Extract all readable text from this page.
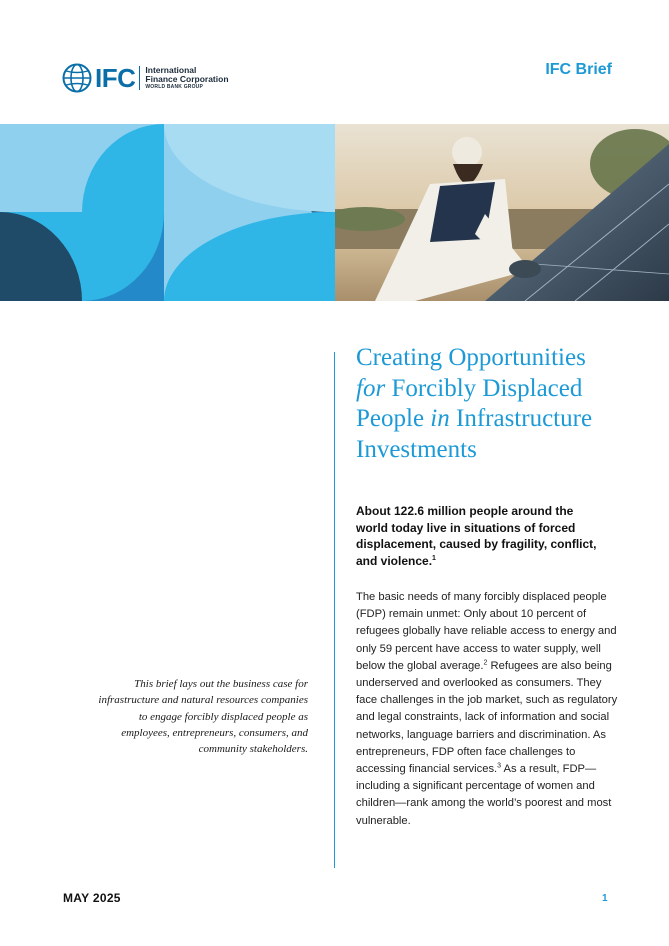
IFC International
Finance Corporation
WORLD BANK GROUP
IFC Brief
Creating Opportunities
for Forcibly Displaced
People in Infrastructure
Investments

About 122.6 million people around the world today live in situations of forced displacement, caused by fragility, conflict, and violence.$^1$

The basic needs of many forcibly displaced people (FDP) remain unmet: Only about 10 percent of refugees globally have reliable access to energy and only 59 percent have access to water supply, well below the global average.$^2$ Refugees are also being underserved and overlooked as consumers. They face challenges in the job market, such as regulatory and legal constraints, lack of information and social networks, language barriers and discrimination. As entrepreneurs, FDP often face challenges to accessing financial services.$^3$ As a result, FDP—including a significant percentage of women and children—rank among the world’s poorest and most vulnerable.

This brief lays out the business case for infrastructure and natural resources companies to engage forcibly displaced people as employees, entrepreneurs, consumers, and community stakeholders.

MAY 2025	1
